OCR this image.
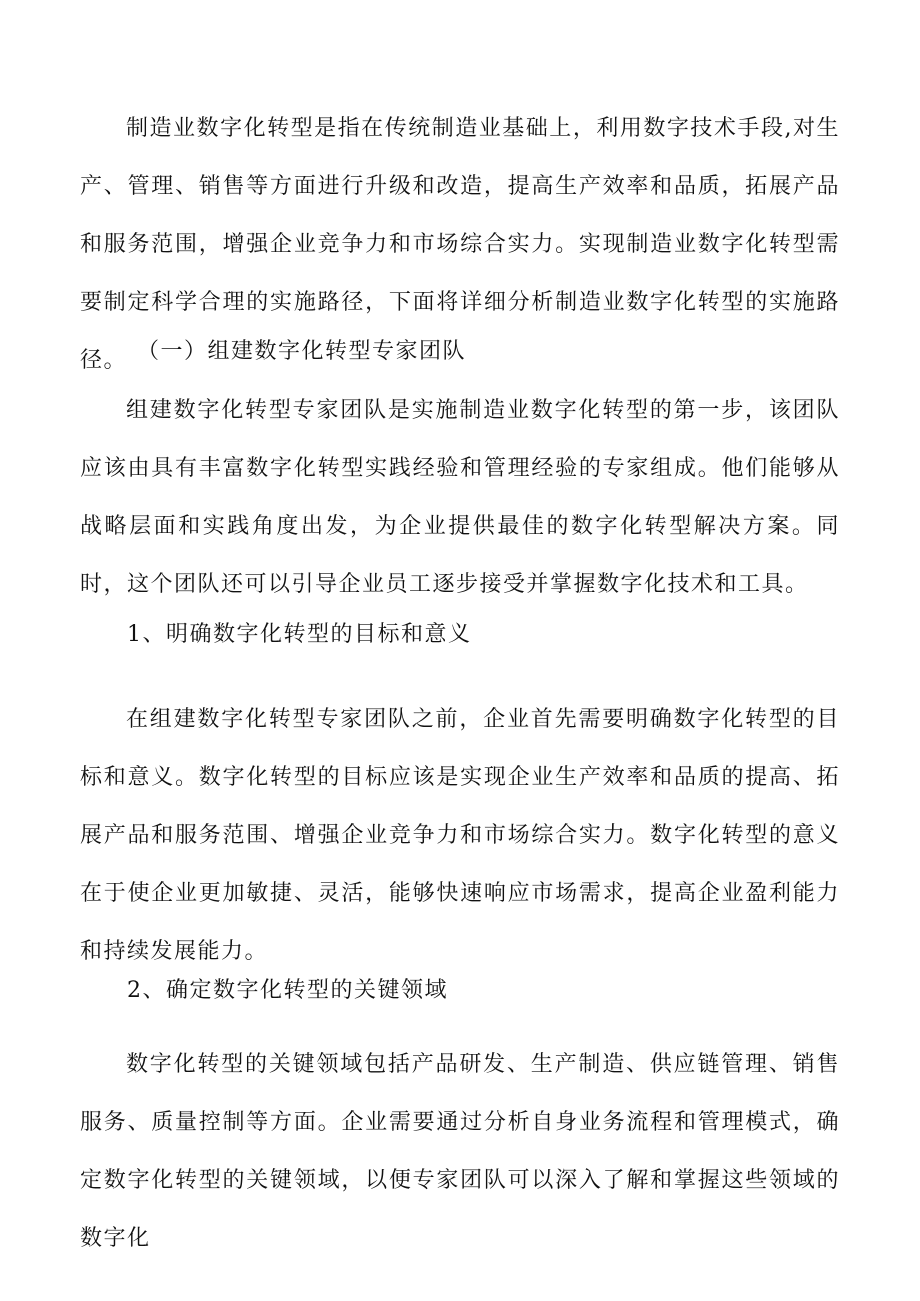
制造业数字化转型是指在传统制造业基础上，利用数字技术手段,对生产、管理、销售等方面进行升级和改造，提高生产效率和品质，拓展产品和服务范围，增强企业竞争力和市场综合实力。实现制造业数字化转型需要制定科学合理的实施路径，下面将详细分析制造业数字化转型的实施路径。 （一）组建数字化转型专家团队

组建数字化转型专家团队是实施制造业数字化转型的第一步，该团队应该由具有丰富数字化转型实践经验和管理经验的专家组成。他们能够从战略层面和实践角度出发，为企业提供最佳的数字化转型解决方案。同时，这个团队还可以引导企业员工逐步接受并掌握数字化技术和工具。

1、明确数字化转型的目标和意义

在组建数字化转型专家团队之前，企业首先需要明确数字化转型的目标和意义。数字化转型的目标应该是实现企业生产效率和品质的提高、拓展产品和服务范围、增强企业竞争力和市场综合实力。数字化转型的意义在于使企业更加敏捷、灵活，能够快速响应市场需求，提高企业盈利能力和持续发展能力。

2、确定数字化转型的关键领域

数字化转型的关键领域包括产品研发、生产制造、供应链管理、销售服务、质量控制等方面。企业需要通过分析自身业务流程和管理模式，确定数字化转型的关键领域，以便专家团队可以深入了解和掌握这些领域的数字化
